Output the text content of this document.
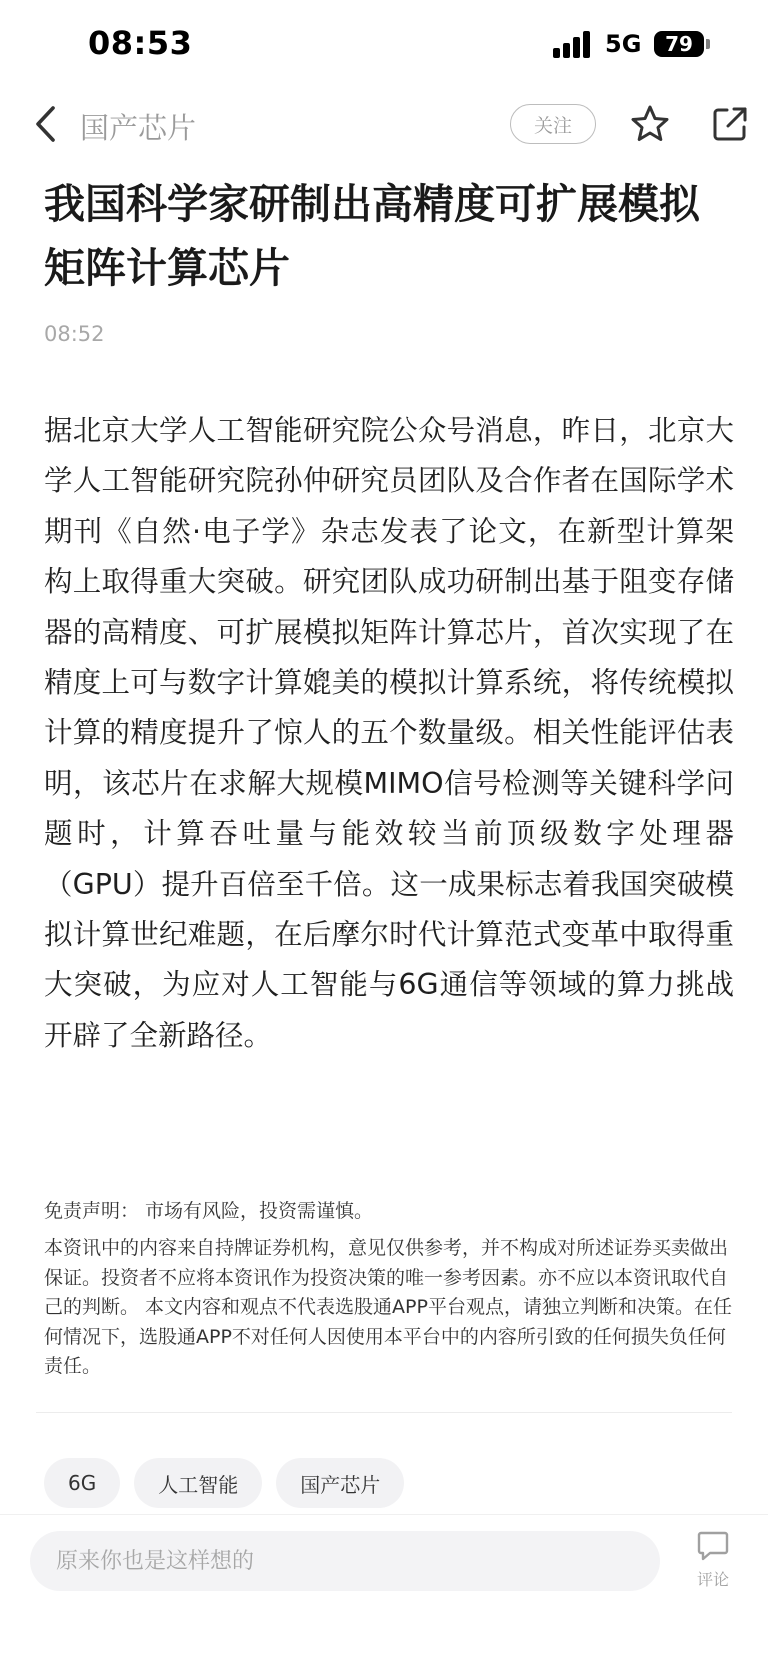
08:53	5G 79
国产芯片	关注
我国科学家研制出高精度可扩展模拟矩阵计算芯片
08:52

据北京大学人工智能研究院公众号消息，昨日，北京大学人工智能研究院孙仲研究员团队及合作者在国际学术期刊《自然·电子学》杂志发表了论文，在新型计算架构上取得重大突破。研究团队成功研制出基于阻变存储器的高精度、可扩展模拟矩阵计算芯片，首次实现了在精度上可与数字计算媲美的模拟计算系统，将传统模拟计算的精度提升了惊人的五个数量级。相关性能评估表明，该芯片在求解大规模MIMO信号检测等关键科学问题时，计算吞吐量与能效较当前顶级数字处理器（GPU）提升百倍至千倍。这一成果标志着我国突破模拟计算世纪难题，在后摩尔时代计算范式变革中取得重大突破，为应对人工智能与6G通信等领域的算力挑战开辟了全新路径。

免责声明： 市场有风险，投资需谨慎。

本资讯中的内容来自持牌证券机构，意见仅供参考，并不构成对所述证券买卖做出保证。投资者不应将本资讯作为投资决策的唯一参考因素。亦不应以本资讯取代自己的判断。 本文内容和观点不代表选股通APP平台观点，请独立判断和决策。在任何情况下，选股通APP不对任何人因使用本平台中的内容所引致的任何损失负任何责任。

6G	人工智能	国产芯片
原来你也是这样想的
评论
